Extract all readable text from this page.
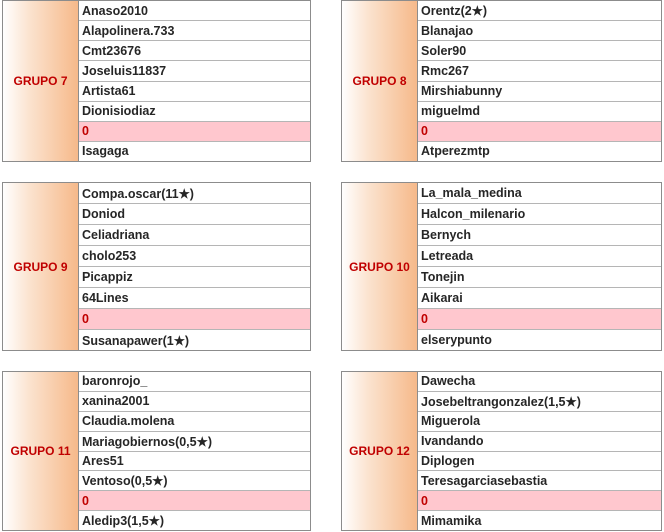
GRUPO 7
Anaso2010
Alapolinera.733
Cmt23676
Joseluis11837
Artista61
Dionisiodiaz
0
Isagaga
GRUPO 8
Orentz(2★)
Blanajao
Soler90
Rmc267
Mirshiabunny
miguelmd
0
Atperezmtp
GRUPO 9
Compa.oscar(11★)
Doniod
Celiadriana
cholo253
Picappiz
64Lines
0
Susanapawer(1★)
GRUPO 10
La_mala_medina
Halcon_milenario
Bernych
Letreada
Tonejin
Aikarai
0
elserypunto
GRUPO 11
baronrojo_
xanina2001
Claudia.molena
Mariagobiernos(0,5★)
Ares51
Ventoso(0,5★)
0
Aledip3(1,5★)
GRUPO 12
Dawecha
Josebeltrangonzalez(1,5★)
Miguerola
Ivandando
Diplogen
Teresagarciasebastia
0
Mimamika
